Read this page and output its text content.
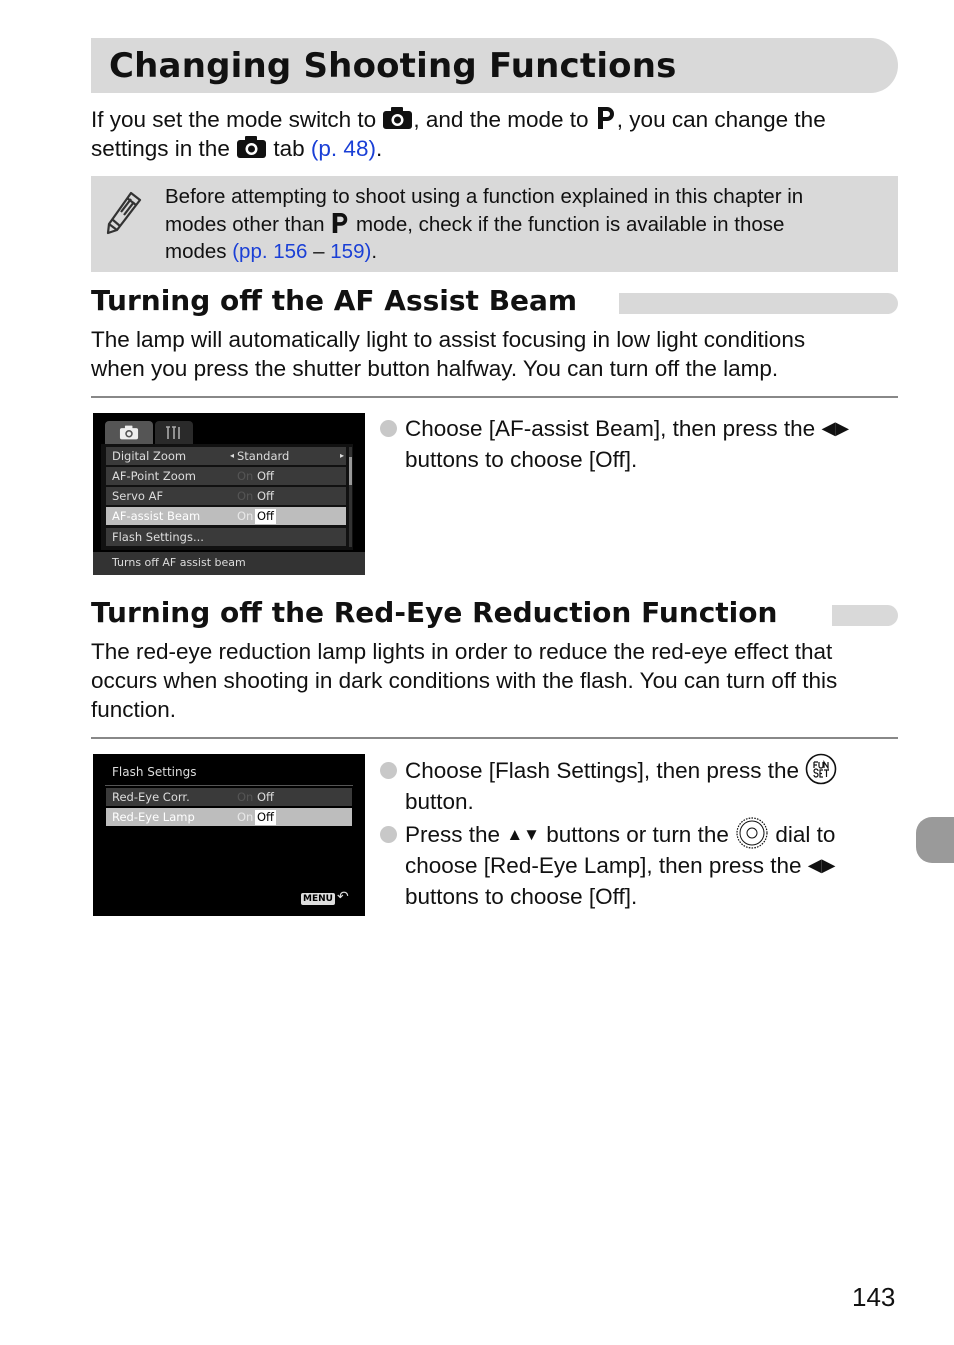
Changing Shooting Functions

If you set the mode switch to , and the mode to , you can change the
settings in the tab (p. 48).

Before attempting to shoot using a function explained in this chapter in
modes other than mode, check if the function is available in those
modes (pp. 156 – 159).

Turning off the AF Assist Beam

The lamp will automatically light to assist focusing in low light conditions
when you press the shutter button halfway. You can turn off the lamp.

Digital Zoom	◂ Standard	▸
AF-Point Zoom	On Off
Servo AF	On Off
AF-assist Beam	On Off
Flash Settings...
Turns off AF assist beam

Choose [AF-assist Beam], then press the ◀▶
buttons to choose [Off].

Turning off the Red-Eye Reduction Function

The red-eye reduction lamp lights in order to reduce the red-eye effect that
occurs when shooting in dark conditions with the flash. You can turn off this
function.

Flash Settings
Red-Eye Corr.	On Off
Red-Eye Lamp	On Off
MENU ↶

Choose [Flash Settings], then press the
button.

Press the ▲▼ buttons or turn the dial to
choose [Red-Eye Lamp], then press the ◀▶
buttons to choose [Off].

143
